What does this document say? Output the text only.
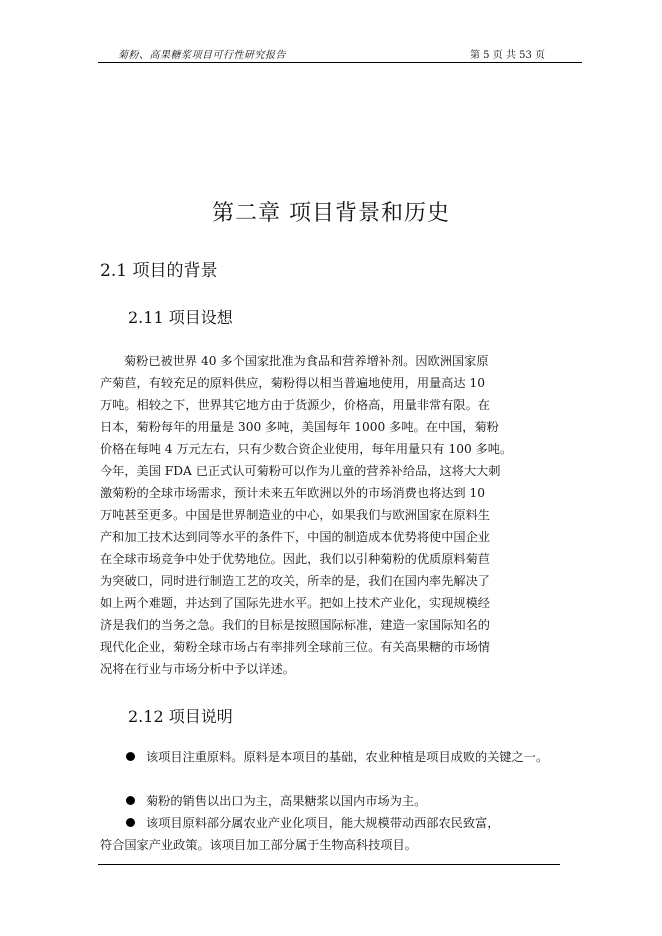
菊粉、高果糖浆项目可行性研究报告	第 5 页 共 53 页
第二章 项目背景和历史
2.1 项目的背景
2.11 项目设想
菊粉已被世界 40 多个国家批准为食品和营养增补剂。因欧洲国家原
产菊苣，有较充足的原料供应，菊粉得以相当普遍地使用，用量高达 10
万吨。相较之下，世界其它地方由于货源少，价格高，用量非常有限。在
日本，菊粉每年的用量是 300 多吨，美国每年 1000 多吨。在中国，菊粉
价格在每吨 4 万元左右，只有少数合资企业使用，每年用量只有 100 多吨。
今年，美国 FDA 已正式认可菊粉可以作为儿童的营养补给品，这将大大刺
激菊粉的全球市场需求，预计未来五年欧洲以外的市场消费也将达到 10
万吨甚至更多。中国是世界制造业的中心，如果我们与欧洲国家在原料生
产和加工技术达到同等水平的条件下，中国的制造成本优势将使中国企业
在全球市场竞争中处于优势地位。因此，我们以引种菊粉的优质原料菊苣
为突破口，同时进行制造工艺的攻关，所幸的是，我们在国内率先解决了
如上两个难题，并达到了国际先进水平。把如上技术产业化，实现规模经
济是我们的当务之急。我们的目标是按照国际标准，建造一家国际知名的
现代化企业，菊粉全球市场占有率排列全球前三位。有关高果糖的市场情
况将在行业与市场分析中予以详述。
2.12 项目说明
该项目注重原料。原料是本项目的基础，农业种植是项目成败的关键之一。
菊粉的销售以出口为主，高果糖浆以国内市场为主。
该项目原料部分属农业产业化项目，能大规模带动西部农民致富，
符合国家产业政策。该项目加工部分属于生物高科技项目。
